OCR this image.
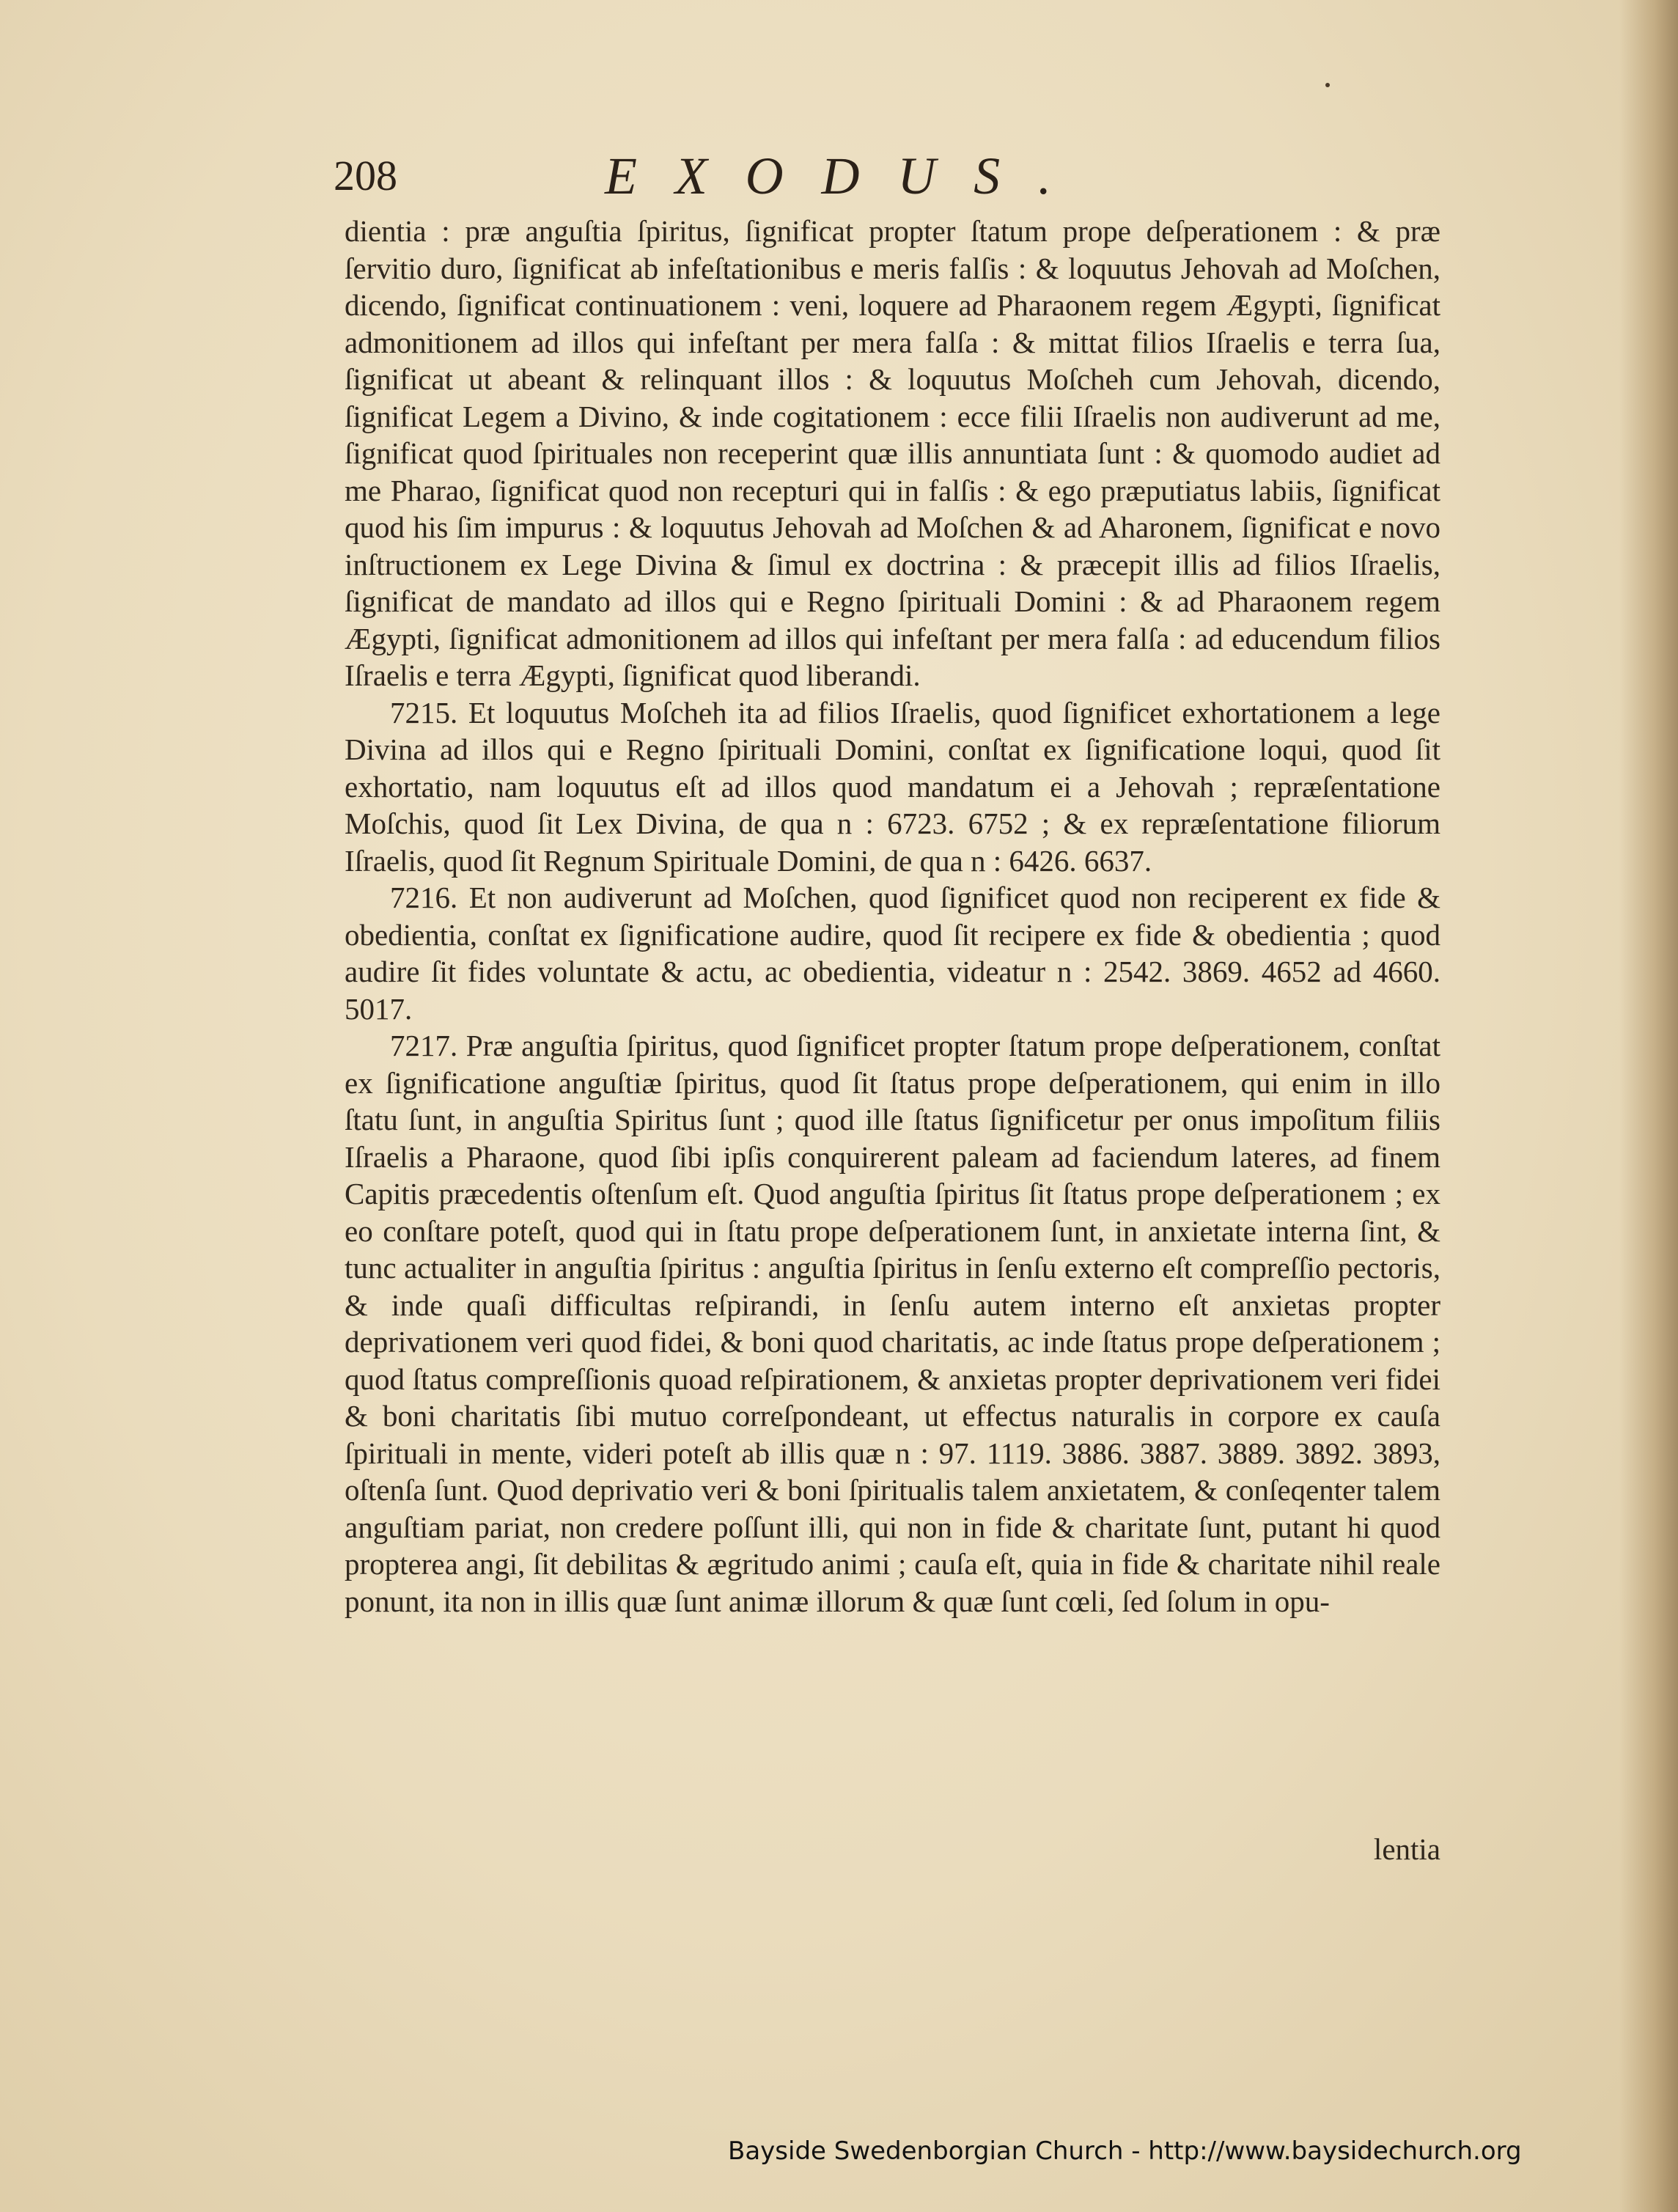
208	EXODUS.

dientia : præ anguſtia ſpiritus, ſignificat propter ſtatum prope deſperationem : & præ ſervitio duro, ſignificat ab infeſtationibus e meris falſis : & loquutus Jehovah ad Moſchen, dicendo, ſignificat continuationem : veni, loquere ad Pharaonem regem Ægypti, ſignificat admonitionem ad illos qui infeſtant per mera falſa : & mittat filios Iſraelis e terra ſua, ſignificat ut abeant & relinquant illos : & loquutus Moſcheh cum Jehovah, dicendo, ſignificat Legem a Divino, & inde cogitationem : ecce filii Iſraelis non audiverunt ad me, ſignificat quod ſpirituales non receperint quæ illis annuntiata ſunt : & quomodo audiet ad me Pharao, ſignificat quod non recepturi qui in falſis : & ego præputiatus labiis, ſignificat quod his ſim impurus : & loquutus Jehovah ad Moſchen & ad Aharonem, ſignificat e novo inſtructionem ex Lege Divina & ſimul ex doctrina : & præcepit illis ad filios Iſraelis, ſignificat de mandato ad illos qui e Regno ſpirituali Domini : & ad Pharaonem regem Ægypti, ſignificat admonitionem ad illos qui infeſtant per mera falſa : ad educendum filios Iſraelis e terra Ægypti, ſignificat quod liberandi.

7215. Et loquutus Moſcheh ita ad filios Iſraelis, quod ſignificet exhortationem a lege Divina ad illos qui e Regno ſpirituali Domini, conſtat ex ſignificatione loqui, quod ſit exhortatio, nam loquutus eſt ad illos quod mandatum ei a Jehovah ; repræſentatione Moſchis, quod ſit Lex Divina, de qua n : 6723. 6752 ; & ex repræſentatione filiorum Iſraelis, quod ſit Regnum Spirituale Domini, de qua n : 6426. 6637.

7216. Et non audiverunt ad Moſchen, quod ſignificet quod non reciperent ex fide & obedientia, conſtat ex ſignificatione audire, quod ſit recipere ex fide & obedientia ; quod audire ſit fides voluntate & actu, ac obedientia, videatur n : 2542. 3869. 4652 ad 4660. 5017.

7217. Præ anguſtia ſpiritus, quod ſignificet propter ſtatum prope deſperationem, conſtat ex ſignificatione anguſtiæ ſpiritus, quod ſit ſtatus prope deſperationem, qui enim in illo ſtatu ſunt, in anguſtia Spiritus ſunt ; quod ille ſtatus ſignificetur per onus impoſitum filiis Iſraelis a Pharaone, quod ſibi ipſis conquirerent paleam ad faciendum lateres, ad finem Capitis præcedentis oſtenſum eſt. Quod anguſtia ſpiritus ſit ſtatus prope deſperationem ; ex eo conſtare poteſt, quod qui in ſtatu prope deſperationem ſunt, in anxietate interna ſint, & tunc actualiter in anguſtia ſpiritus : anguſtia ſpiritus in ſenſu externo eſt compreſſio pectoris, & inde quaſi difficultas reſpirandi, in ſenſu autem interno eſt anxietas propter deprivationem veri quod fidei, & boni quod charitatis, ac inde ſtatus prope deſperationem ; quod ſtatus compreſſionis quoad reſpirationem, & anxietas propter deprivationem veri fidei & boni charitatis ſibi mutuo correſpondeant, ut effectus naturalis in corpore ex cauſa ſpirituali in mente, videri poteſt ab illis quæ n : 97. 1119. 3886. 3887. 3889. 3892. 3893, oſtenſa ſunt. Quod deprivatio veri & boni ſpiritualis talem anxietatem, & conſeqenter talem anguſtiam pariat, non credere poſſunt illi, qui non in fide & charitate ſunt, putant hi quod propterea angi, ſit debilitas & ægritudo animi ; cauſa eſt, quia in fide & charitate nihil reale ponunt, ita non in illis quæ ſunt animæ illorum & quæ ſunt cœli, ſed ſolum in opu-

lentia
Bayside Swedenborgian Church - http://www.baysidechurch.org
